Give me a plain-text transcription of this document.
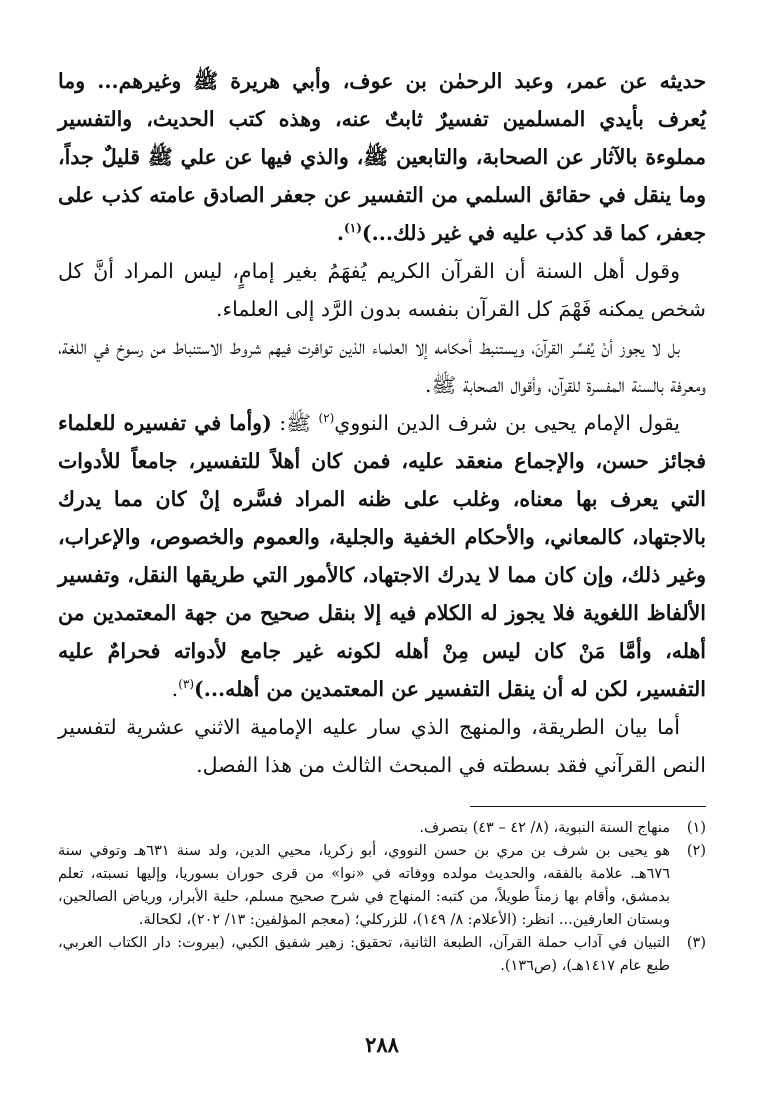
حديثه عن عمر، وعبد الرحمٰن بن عوف، وأبي هريرة ﷺ وغيرهم... وما يُعرف بأيدي المسلمين تفسيرٌ ثابتٌ عنه، وهذه كتب الحديث، والتفسير مملوءة بالآثار عن الصحابة، والتابعين ﷺ، والذي فيها عن علي ﷺ قليلٌ جداً، وما ينقل في حقائق السلمي من التفسير عن جعفر الصادق عامته كذب على جعفر، كما قد كذب عليه في غير ذلك...)$^{(١)}$.

وقول أهل السنة أن القرآن الكريم يُفهَمُ بغير إمامٍ، ليس المراد أنَّ كل شخص يمكنه فَهْمَ كل القرآن بنفسه بدون الرَّد إلى العلماء.

بل لا يجوز أنْ يُفسِّر القرآنَ، ويستنبط أحكامه إلا العلماء الذين توافرت فيهم شروط الاستنباط من رسوخ في اللغة، ومعرفة بالسنة المفسرة للقرآن، وأقوال الصحابة ﷺ.

يقول الإمام يحيى بن شرف الدين النووي$^{(٢)}$ ﷺ: (وأما في تفسيره للعلماء فجائز حسن، والإجماع منعقد عليه، فمن كان أهلاً للتفسير، جامعاً للأدوات التي يعرف بها معناه، وغلب على ظنه المراد فسَّره إنْ كان مما يدرك بالاجتهاد، كالمعاني، والأحكام الخفية والجلية، والعموم والخصوص، والإعراب، وغير ذلك، وإن كان مما لا يدرك الاجتهاد، كالأمور التي طريقها النقل، وتفسير الألفاظ اللغوية فلا يجوز له الكلام فيه إلا بنقل صحيح من جهة المعتمدين من أهله، وأمَّا مَنْ كان ليس مِنْ أهله لكونه غير جامع لأدواته فحرامٌ عليه التفسير، لكن له أن ينقل التفسير عن المعتمدين من أهله...)$^{(٣)}$.

أما بيان الطريقة، والمنهج الذي سار عليه الإمامية الاثني عشرية لتفسير النص القرآني فقد بسطته في المبحث الثالث من هذا الفصل.

(١)
منهاج السنة النبوية، (٨/ ٤٢ – ٤٣) بتصرف.

(٢)
هو يحيى بن شرف بن مري بن حسن النووي، أبو زكريا، محيي الدين، ولد سنة ٦٣١هـ وتوفي سنة ٦٧٦هـ. علامة بالفقه، والحديث مولده ووفاته في «نوا» من قرى حوران بسوريا، وإليها نسبته، تعلم بدمشق، وأقام بها زمناً طويلاً، من كتبه: المنهاج في شرح صحيح مسلم، حلية الأبرار، ورياض الصالحين، وبستان العارفين... انظر: (الأعلام: ٨/ ١٤٩)، للزركلي؛ (معجم المؤلفين: ١٣/ ٢٠٢)، لكحالة.

(٣)
التبيان في آداب حملة القرآن، الطبعة الثانية، تحقيق: زهير شفيق الكبي، (بيروت: دار الكتاب العربي، طبع عام ١٤١٧هـ)، (ص١٣٦).

٢٨٨
